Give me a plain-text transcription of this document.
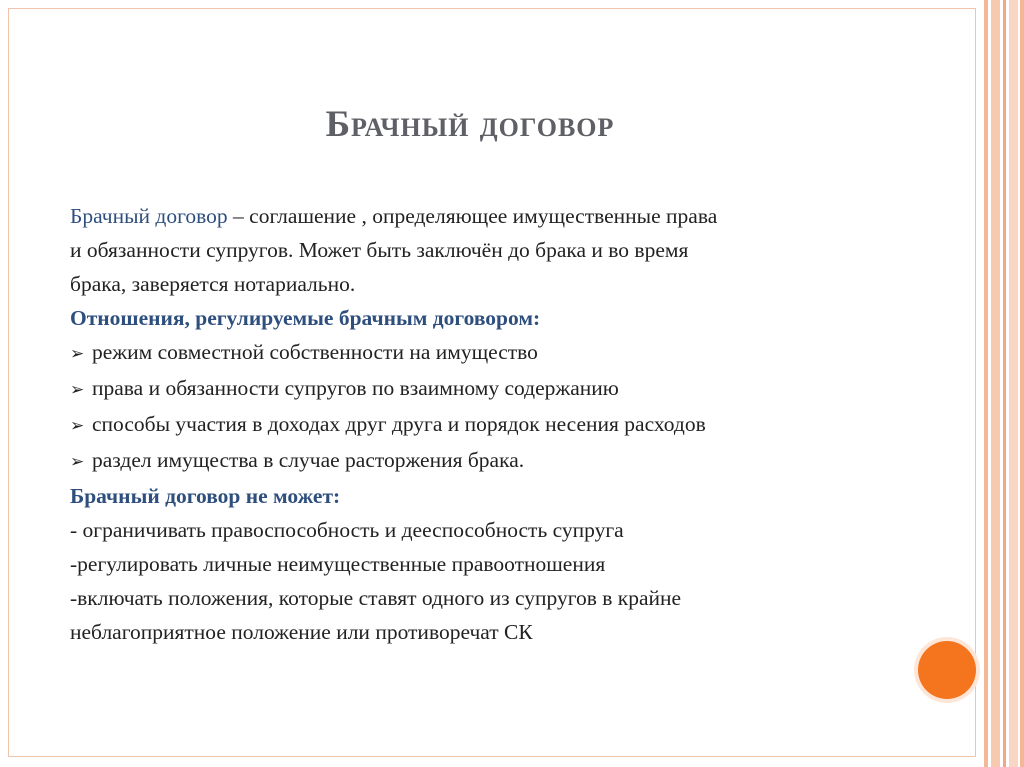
Брачный договор
Брачный договор – соглашение , определяющее имущественные права
и обязанности супругов. Может быть заключён до брака и во время
брака, заверяется нотариально.
Отношения, регулируемые брачным договором:
➢ режим совместной собственности на имущество
➢ права и обязанности супругов по взаимному содержанию
➢ способы участия в доходах друг друга и порядок несения расходов
➢ раздел имущества в случае расторжения брака.
Брачный договор не может:
- ограничивать правоспособность и дееспособность супруга
-регулировать личные неимущественные правоотношения
-включать положения, которые ставят одного из супругов в крайне
неблагоприятное положение или противоречат СК
